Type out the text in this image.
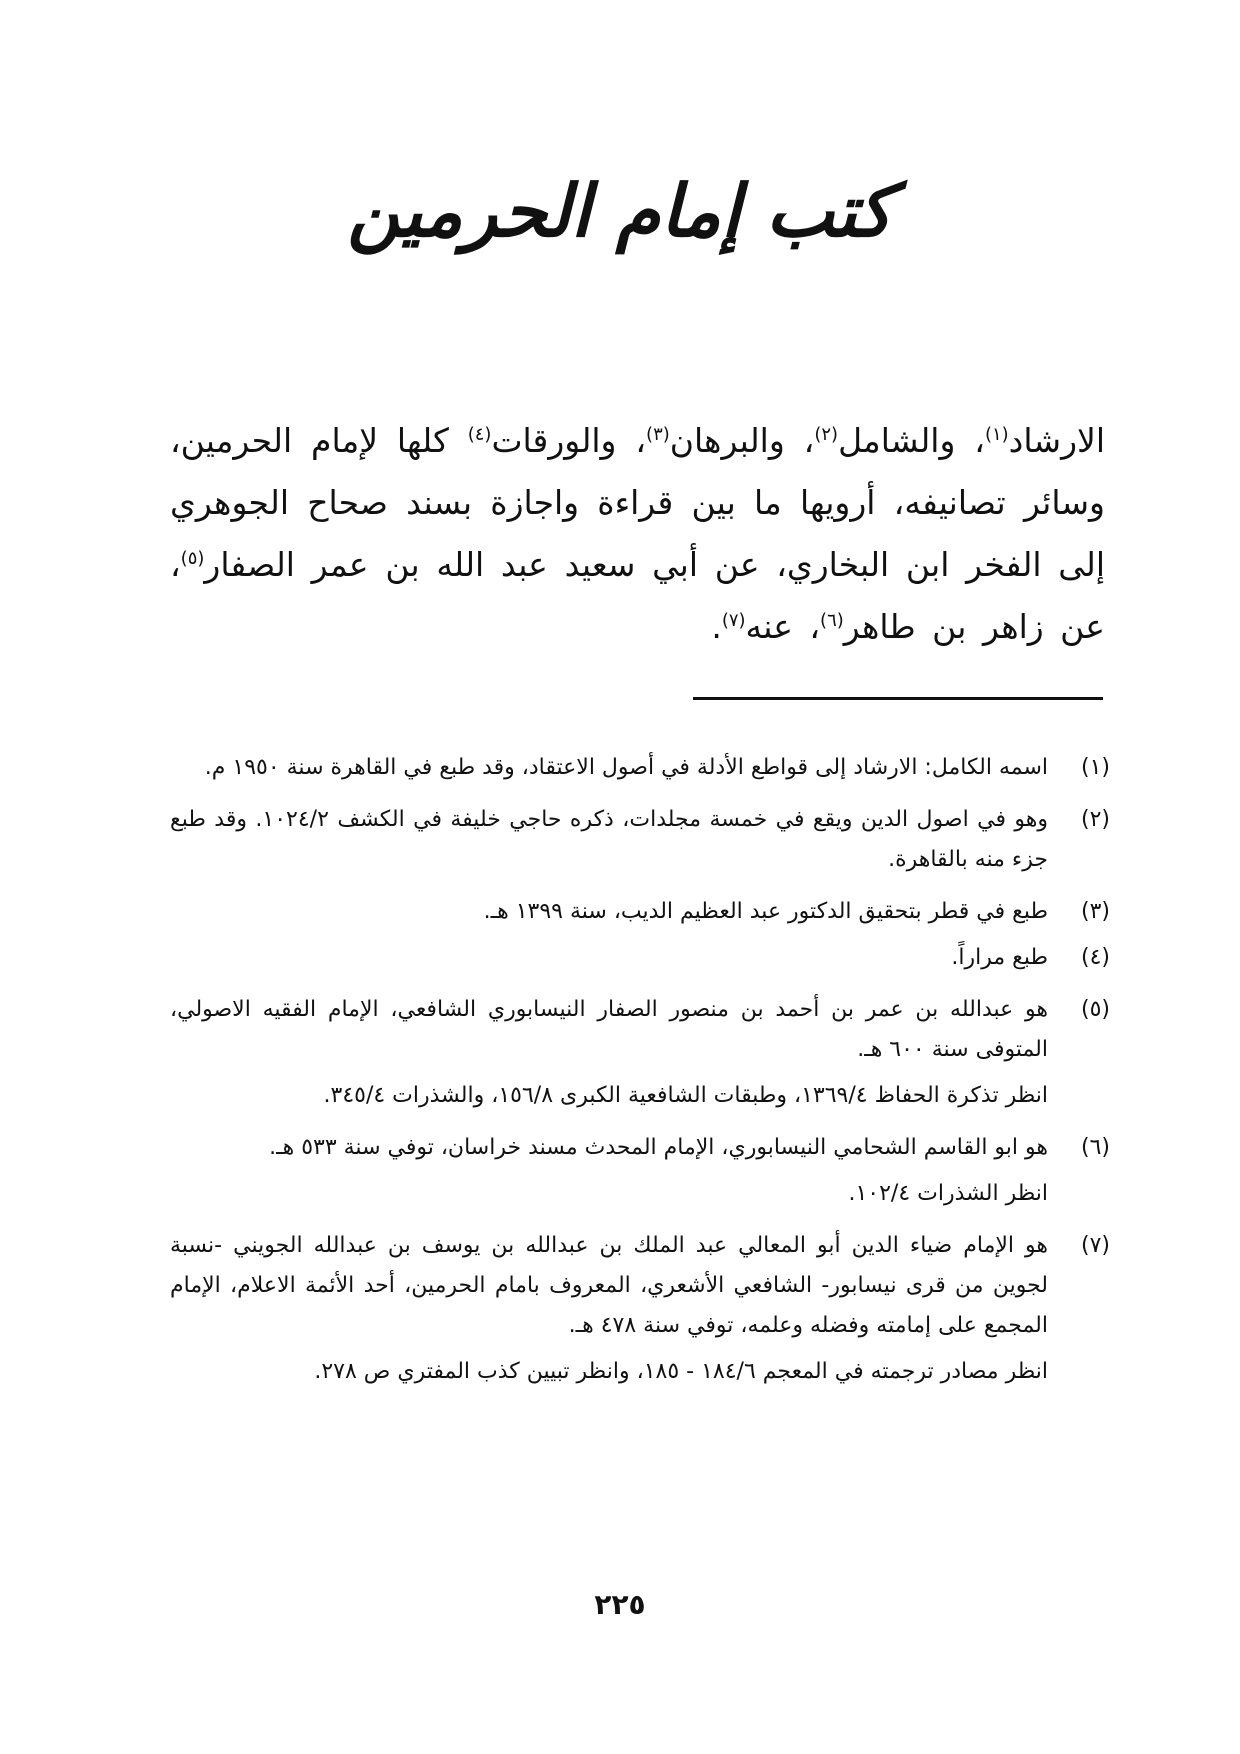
كتب إمام الحرمين
الارشاد$^{(١)}$، والشامل$^{(٢)}$، والبرهان$^{(٣)}$، والورقات$^{(٤)}$ كلها لإمام الحرمين، وسائر تصانيفه، أرويها ما بين قراءة واجازة بسند صحاح الجوهري إلى الفخر ابن البخاري، عن أبي سعيد عبد الله بن عمر الصفار$^{(٥)}$، عن زاهر بن طاهر$^{(٦)}$، عنه$^{(٧)}$.
(١)

اسمه الكامل: الارشاد إلى قواطع الأدلة في أصول الاعتقاد، وقد طبع في القاهرة سنة ١٩٥٠ م.

(٢)

وهو في اصول الدين ويقع في خمسة مجلدات، ذكره حاجي خليفة في الكشف ١٠٢٤/٢. وقد طبع جزء منه بالقاهرة.

(٣)

طبع في قطر بتحقيق الدكتور عبد العظيم الديب، سنة ١٣٩٩ هـ.

(٤)

طبع مراراً.

(٥)

هو عبدالله بن عمر بن أحمد بن منصور الصفار النيسابوري الشافعي، الإمام الفقيه الاصولي، المتوفى سنة ٦٠٠ هـ.

انظر تذكرة الحفاظ ١٣٦٩/٤، وطبقات الشافعية الكبرى ١٥٦/٨، والشذرات ٣٤٥/٤.

(٦)

هو ابو القاسم الشحامي النيسابوري، الإمام المحدث مسند خراسان، توفي سنة ٥٣٣ هـ.

انظر الشذرات ١٠٢/٤.

(٧)

هو الإمام ضياء الدين أبو المعالي عبد الملك بن عبدالله بن يوسف بن عبدالله الجويني -نسبة لجوين من قرى نيسابور- الشافعي الأشعري، المعروف بامام الحرمين، أحد الأئمة الاعلام، الإمام المجمع على إمامته وفضله وعلمه، توفي سنة ٤٧٨ هـ.

انظر مصادر ترجمته في المعجم ١٨٤/٦ - ١٨٥، وانظر تبيين كذب المفتري ص ٢٧٨.

٢٢٥
